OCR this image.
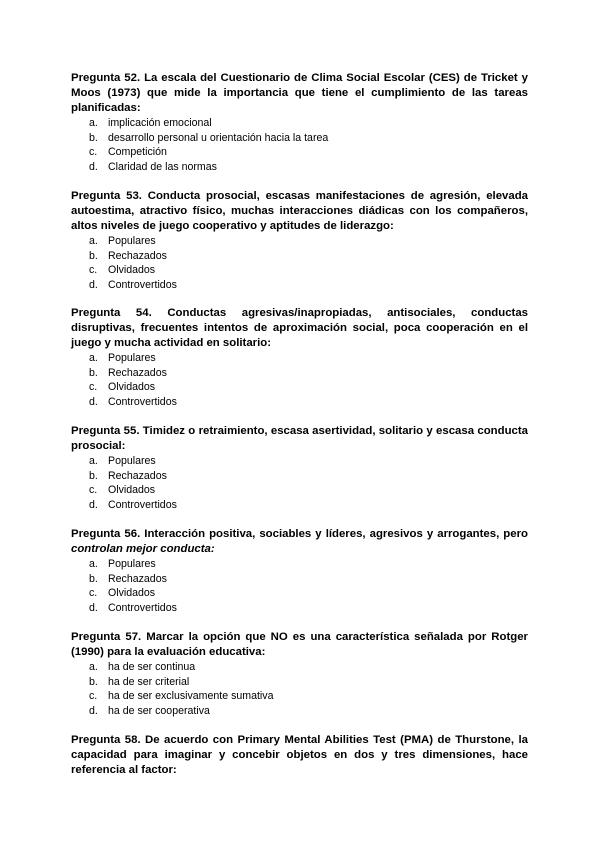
Pregunta 52. La escala del Cuestionario de Clima Social Escolar (CES) de Tricket y Moos (1973) que mide la importancia que tiene el cumplimiento de las tareas planificadas:

a. implicación emocional
b. desarrollo personal u orientación hacia la tarea
c. Competición
d. Claridad de las normas

Pregunta 53. Conducta prosocial, escasas manifestaciones de agresión, elevada autoestima, atractivo físico, muchas interacciones diádicas con los compañeros, altos niveles de juego cooperativo y aptitudes de liderazgo:

a. Populares
b. Rechazados
c. Olvidados
d. Controvertidos

Pregunta 54. Conductas agresivas/inapropiadas, antisociales, conductas disruptivas, frecuentes intentos de aproximación social, poca cooperación en el juego y mucha actividad en solitario:

a. Populares
b. Rechazados
c. Olvidados
d. Controvertidos

Pregunta 55. Timidez o retraimiento, escasa asertividad, solitario y escasa conducta prosocial:

a. Populares
b. Rechazados
c. Olvidados
d. Controvertidos

Pregunta 56. Interacción positiva, sociables y líderes, agresivos y arrogantes, pero controlan mejor conducta:

a. Populares
b. Rechazados
c. Olvidados
d. Controvertidos

Pregunta 57. Marcar la opción que NO es una característica señalada por Rotger (1990) para la evaluación educativa:

a. ha de ser continua
b. ha de ser criterial
c. ha de ser exclusivamente sumativa
d. ha de ser cooperativa

Pregunta 58. De acuerdo con Primary Mental Abilities Test (PMA) de Thurstone, la capacidad para imaginar y concebir objetos en dos y tres dimensiones, hace referencia al factor:
